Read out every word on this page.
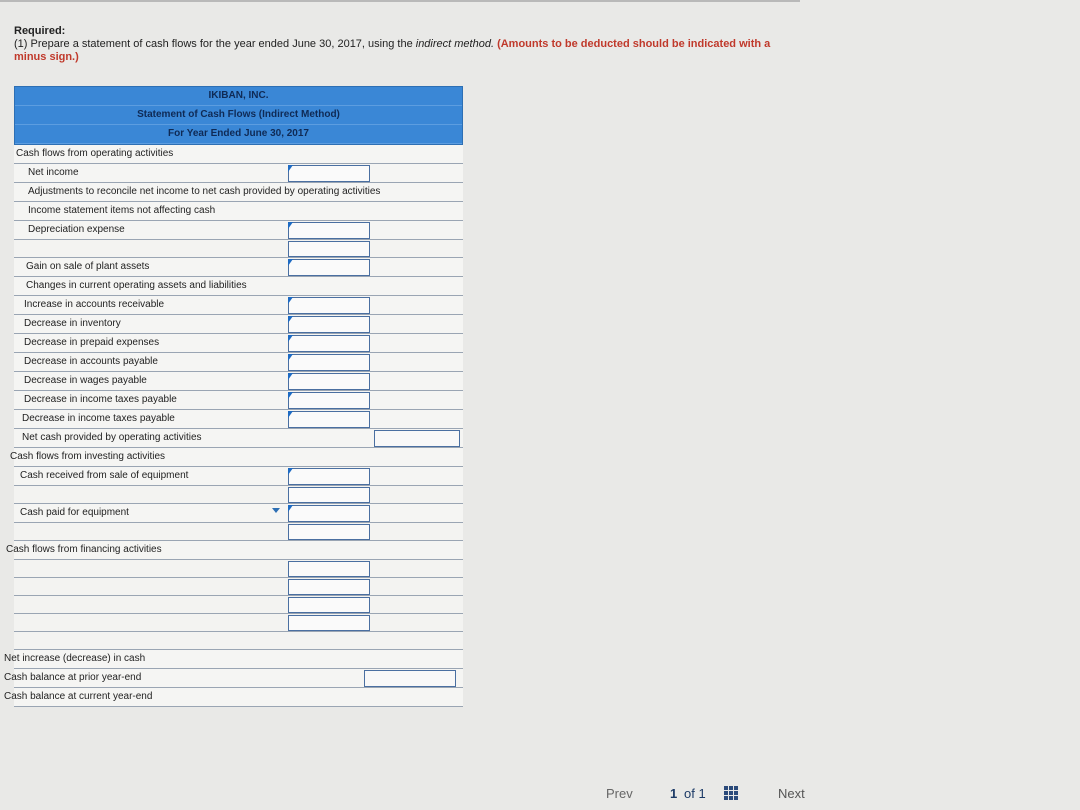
Required:
(1) Prepare a statement of cash flows for the year ended June 30, 2017, using the indirect method. (Amounts to be deducted should be indicated with a minus sign.)
IKIBAN, INC.
Statement of Cash Flows (Indirect Method)
For Year Ended June 30, 2017
Cash flows from operating activities
Net income
Adjustments to reconcile net income to net cash provided by operating activities
Income statement items not affecting cash
Depreciation expense
Gain on sale of plant assets
Changes in current operating assets and liabilities
Increase in accounts receivable
Decrease in inventory
Decrease in prepaid expenses
Decrease in accounts payable
Decrease in wages payable
Decrease in income taxes payable
Decrease in income taxes payable
Net cash provided by operating activities
Cash flows from investing activities
Cash received from sale of equipment
Cash paid for equipment
Cash flows from financing activities
Net increase (decrease) in cash
Cash balance at prior year-end
Cash balance at current year-end
Prev	1 of 1	Next
